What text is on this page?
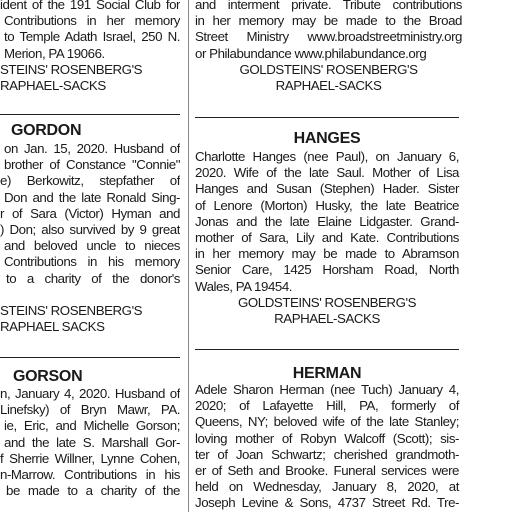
ident of the 191 Social Club for
Contributions in her memory
to Temple Adath Israel, 250 N.
Merion, PA 19066.
STEINS' ROSENBERG'S
RAPHAEL-SACKS
GORDON
on Jan. 15, 2020. Husband of
brother of Constance "Connie"
e) Berkowitz, stepfather of
Don and the late Ronald Sing-
r of Sara (Victor) Hyman and
) Don; also survived by 9 great
and beloved uncle to nieces
Contributions in his memory
to a charity of the donor's
STEINS' ROSENBERG'S
RAPHAEL SACKS
GORSON
n, January 4, 2020. Husband of
Linefsky) of Bryn Mawr, PA.
ie, Eric, and Michelle Gorson;
and the late S. Marshall Gor-
f Sherrie Willner, Lynne Cohen,
n-Marrow. Contributions in his
be made to a charity of the
and interment private. Tribute contributions
in her memory may be made to the Broad
Street Ministry www.broadstreetministry.org
or Philabundance www.philabundance.org
GOLDSTEINS' ROSENBERG'S
RAPHAEL-SACKS
HANGES
Charlotte Hanges (nee Paul), on January 6,
2020. Wife of the late Saul. Mother of Lisa
Hanges and Susan (Stephen) Hader. Sister
of Lenore (Morton) Husky, the late Beatrice
Jonas and the late Elaine Lidgaster. Grand-
mother of Sara, Lily and Kate. Contributions
in her memory may be made to Abramson
Senior Care, 1425 Horsham Road, North
Wales, PA 19454.
GOLDSTEINS' ROSENBERG'S
RAPHAEL-SACKS
HERMAN
Adele Sharon Herman (nee Tuch) January 4,
2020; of Lafayette Hill, PA, formerly of
Queens, NY; beloved wife of the late Stanley;
loving mother of Robyn Walcoff (Scott); sis-
ter of Joan Schwartz; cherished grandmoth-
er of Seth and Brooke. Funeral services were
held on Wednesday, January 8, 2020, at
Joseph Levine & Sons, 4737 Street Rd. Tre-
